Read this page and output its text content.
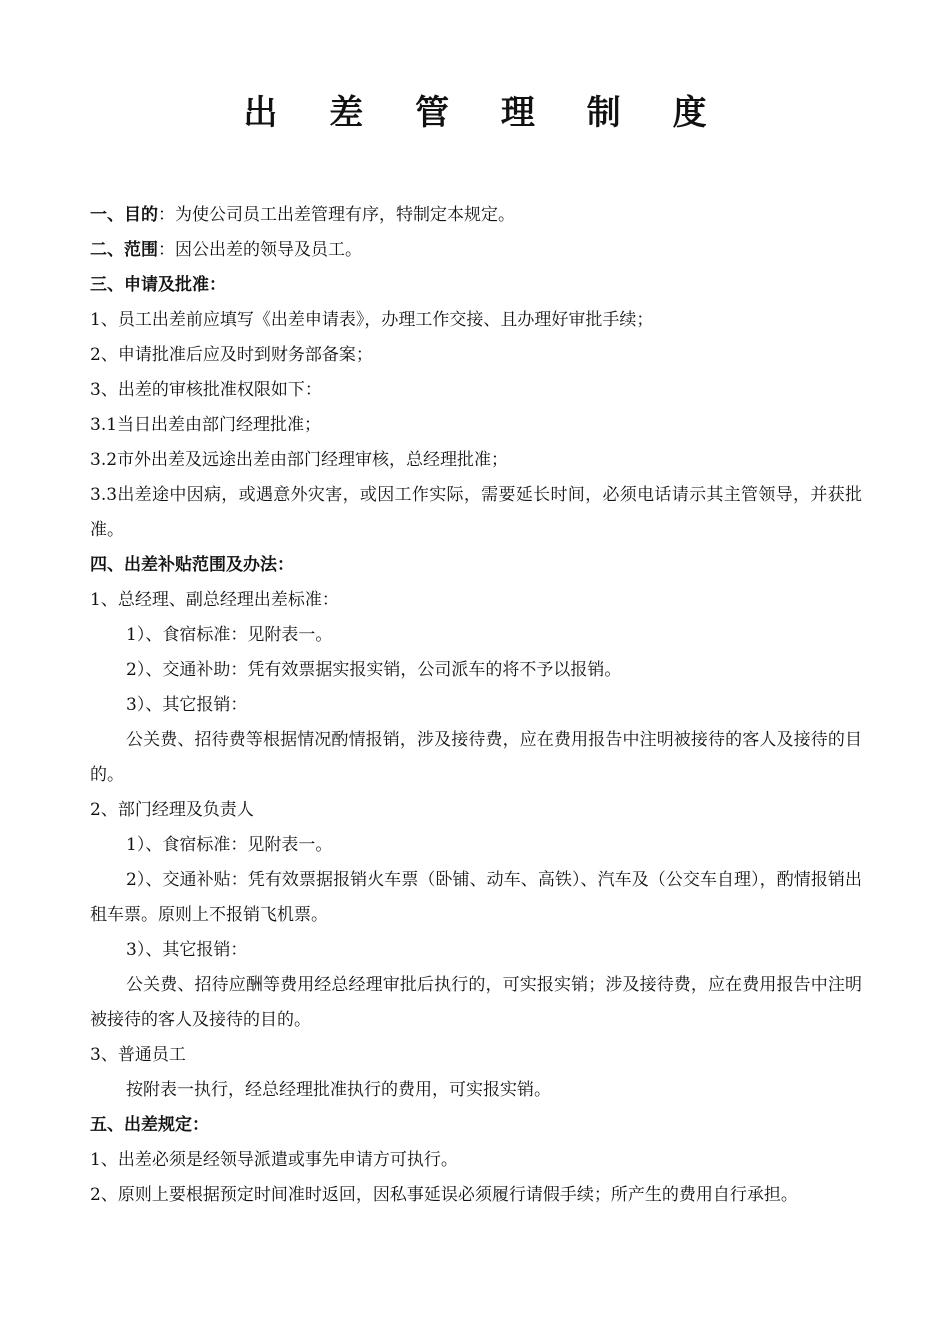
出 差 管 理 制 度

一、目的：为使公司员工出差管理有序，特制定本规定。

二、范围：因公出差的领导及员工。

三、申请及批准：

1、员工出差前应填写《出差申请表》，办理工作交接、且办理好审批手续；

2、申请批准后应及时到财务部备案；

3、出差的审核批准权限如下：

3.1当日出差由部门经理批准；

3.2市外出差及远途出差由部门经理审核，总经理批准；

3.3出差途中因病，或遇意外灾害，或因工作实际，需要延长时间，必须电话请示其主管领导，并获批准。

四、出差补贴范围及办法：

1、总经理、副总经理出差标准：

1）、食宿标准：见附表一。

2）、交通补助：凭有效票据实报实销，公司派车的将不予以报销。

3）、其它报销：

公关费、招待费等根据情况酌情报销，涉及接待费，应在费用报告中注明被接待的客人及接待的目的。

2、部门经理及负责人

1）、食宿标准：见附表一。

2）、交通补贴：凭有效票据报销火车票（卧铺、动车、高铁）、汽车及（公交车自理），酌情报销出租车票。原则上不报销飞机票。

3）、其它报销：

公关费、招待应酬等费用经总经理审批后执行的，可实报实销；涉及接待费，应在费用报告中注明被接待的客人及接待的目的。

3、普通员工

按附表一执行，经总经理批准执行的费用，可实报实销。

五、出差规定：

1、出差必须是经领导派遣或事先申请方可执行。

2、原则上要根据预定时间准时返回，因私事延误必须履行请假手续；所产生的费用自行承担。
